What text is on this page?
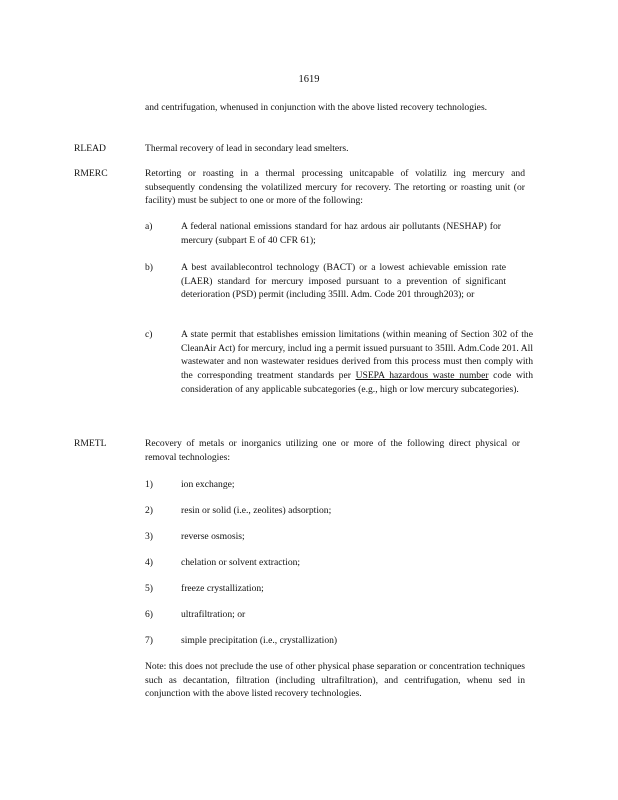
1619
and centrifugation, whenused in conjunction with the above listed recovery technologies.
RLEAD	Thermal recovery of lead in secondary lead smelters.
RMERC	Retorting or roasting in a thermal processing unitcapable of volatiliz ing mercury and subsequently condensing the volatilized mercury for recovery. The retorting or roasting unit (or facility) must be subject to one or more of the following:
a)	A federal national emissions standard for haz ardous air pollutants (NESHAP) for mercury (subpart E of 40 CFR 61);
b)	A best availablecontrol technology (BACT) or a lowest achievable emission rate (LAER) standard for mercury imposed pursuant to a prevention of significant deterioration (PSD) permit (including 35Ill. Adm. Code 201 through203); or
c)	A state permit that establishes emission limitations (within meaning of Section 302 of the CleanAir Act) for mercury, includ ing a permit issued pursuant to 35Ill. Adm.Code 201. All wastewater and non wastewater residues derived from this process must then comply with the corresponding treatment standards per USEPA hazardous waste number code with consideration of any applicable subcategories (e.g., high or low mercury subcategories).
RMETL	Recovery of metals or inorganics utilizing one or more of the following direct physical or removal technologies:
1)	ion exchange;
2)	resin or solid (i.e., zeolites) adsorption;
3)	reverse osmosis;
4)	chelation or solvent extraction;
5)	freeze crystallization;
6)	ultrafiltration; or
7)	simple precipitation (i.e., crystallization)
Note: this does not preclude the use of other physical phase separation or concentration techniques such as decantation, filtration (including ultrafiltration), and centrifugation, whenu sed in conjunction with the above listed recovery technologies.
